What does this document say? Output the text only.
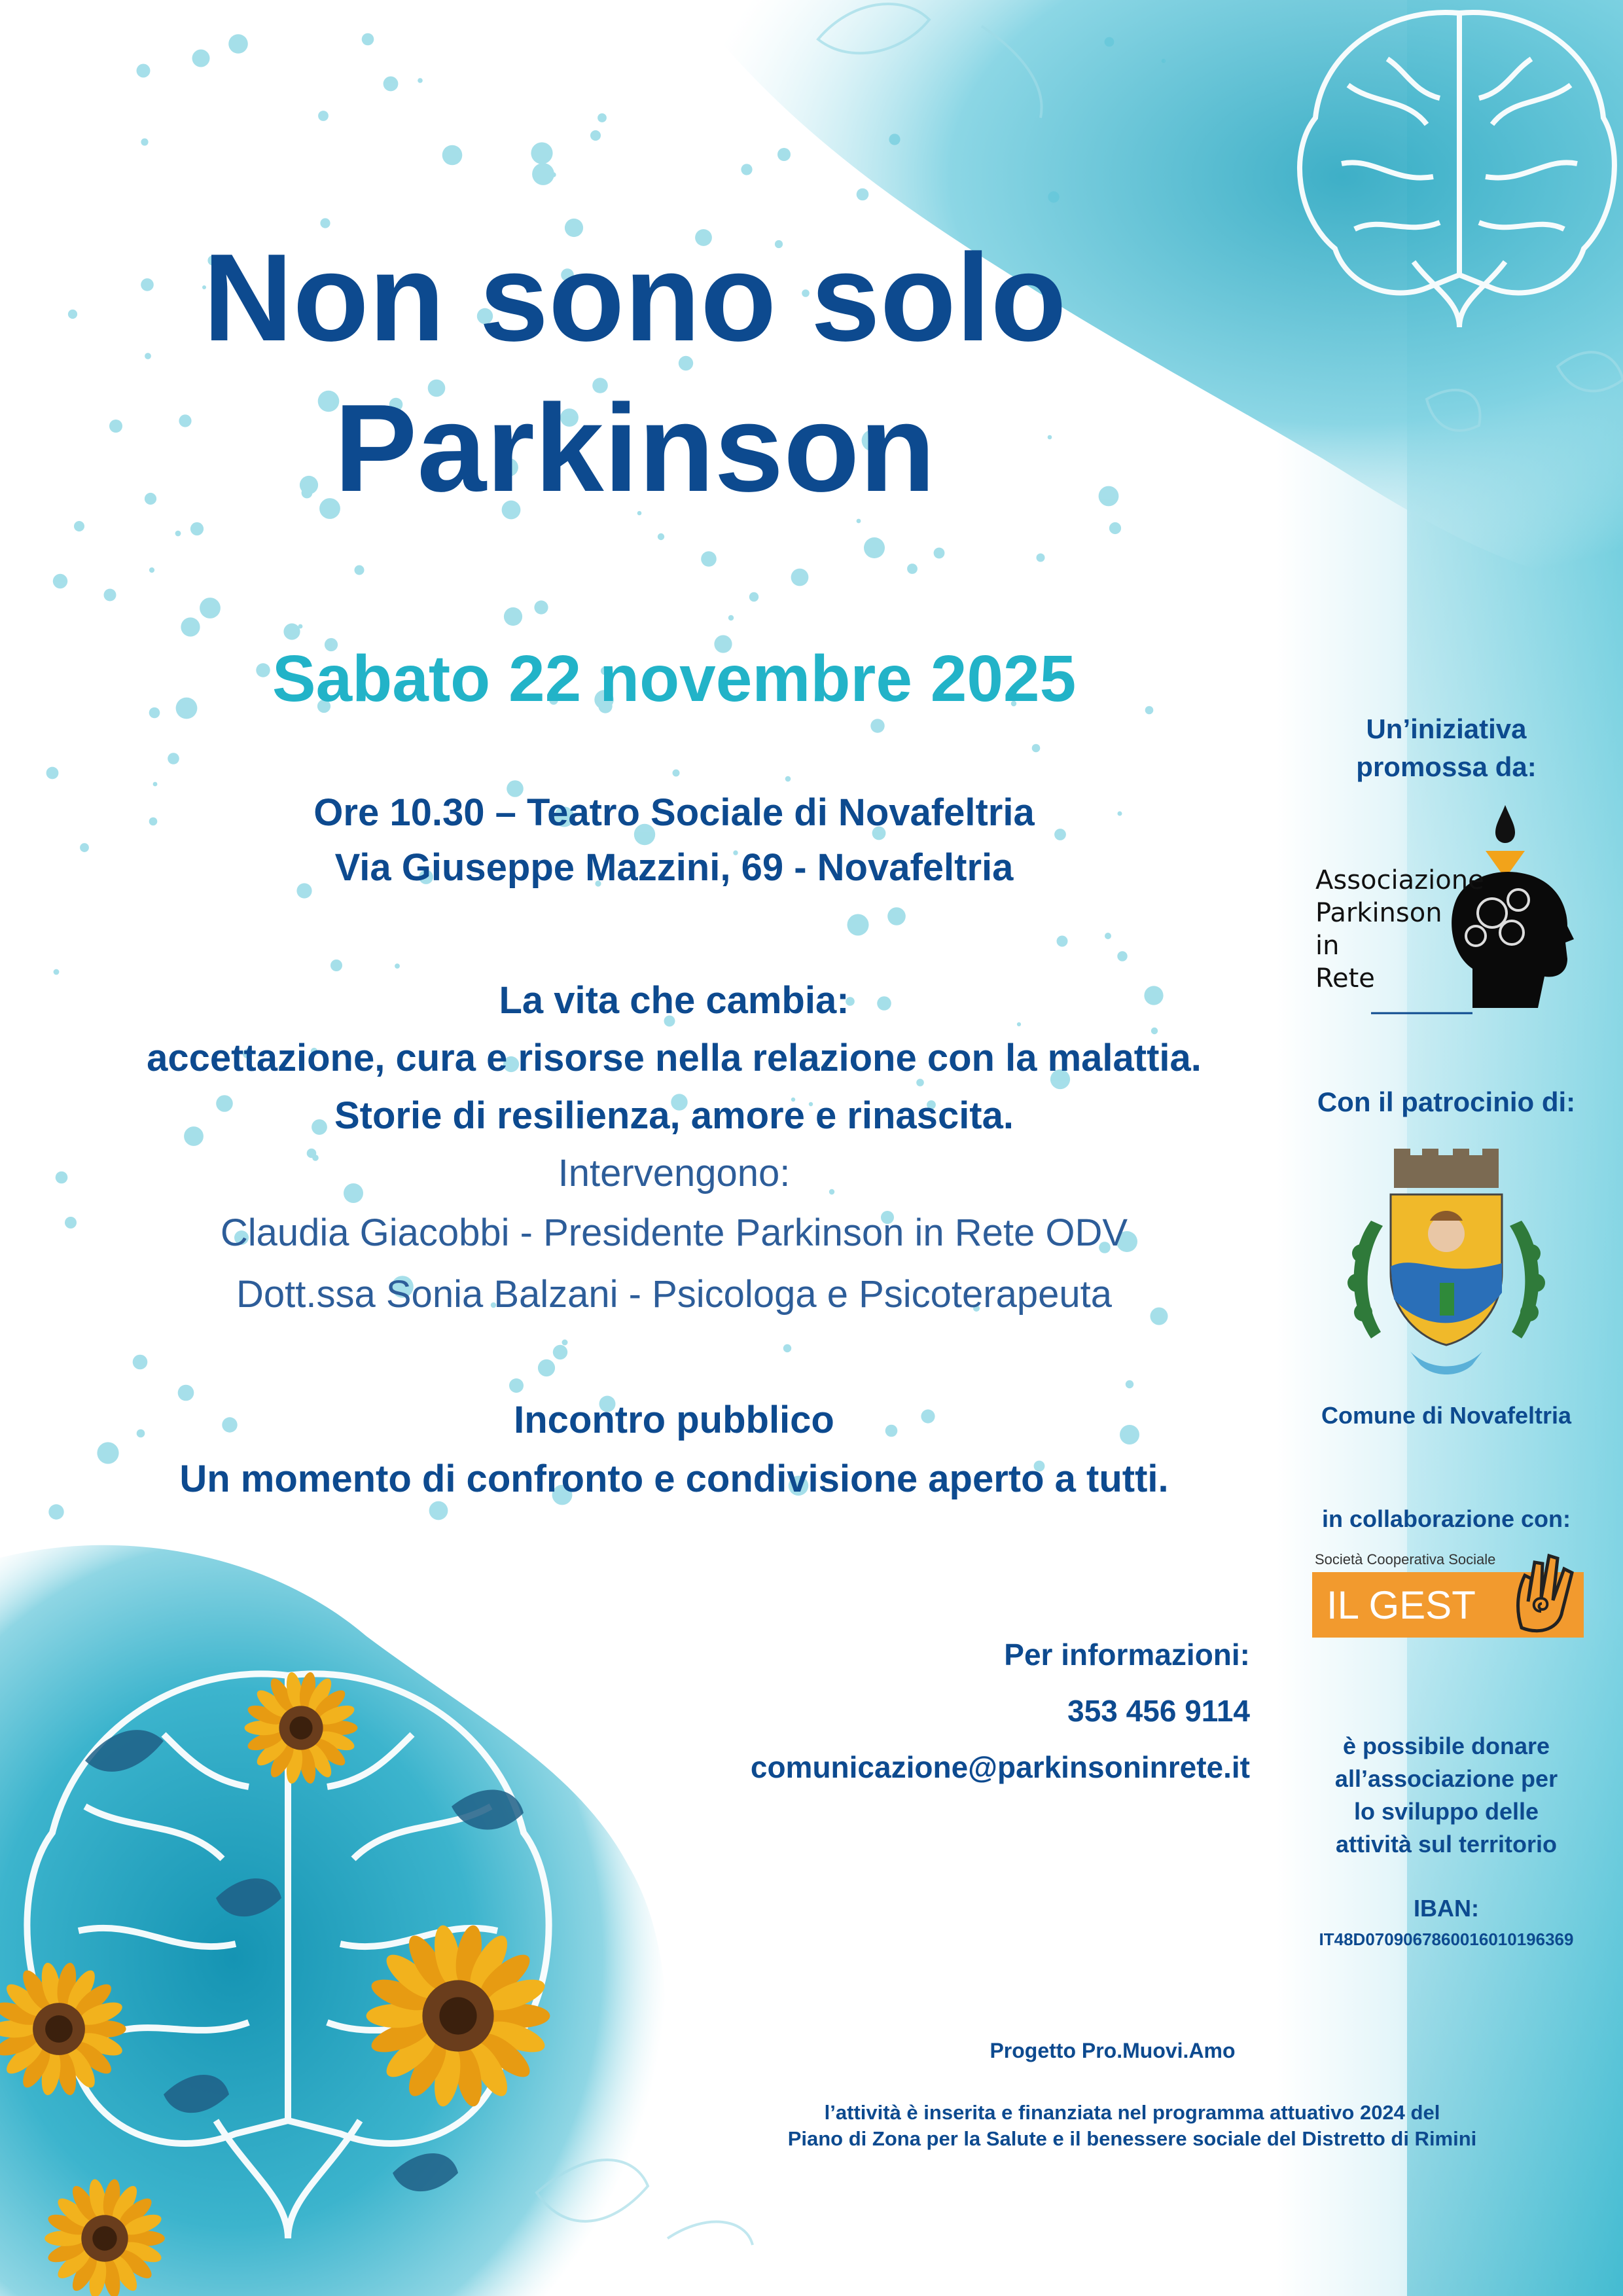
Non sono solo
Parkinson
Sabato 22 novembre 2025
Ore 10.30 – Teatro Sociale di Novafeltria
Via Giuseppe Mazzini, 69 - Novafeltria
La vita che cambia:
accettazione, cura e risorse nella relazione con la malattia.
Storie di resilienza, amore e rinascita.
Intervengono:
Claudia Giacobbi - Presidente Parkinson in Rete ODV
Dott.ssa Sonia Balzani - Psicologa e Psicoterapeuta
Incontro pubblico
Un momento di confronto e condivisione aperto a tutti.
Per informazioni:
353 456 9114
comunicazione@parkinsoninrete.it
Un’iniziativa
promossa da:
Associazione
Parkinson
in
Rete
Con il patrocinio di:
Comune di Novafeltria
in collaborazione con:
Società Cooperativa Sociale
IL GEST
è possibile donare
all’associazione per
lo sviluppo delle
attività sul territorio
IBAN:
IT48D0709067860016010196369
Progetto Pro.Muovi.Amo
l’attività è inserita e finanziata nel programma attuativo 2024 del
Piano di Zona per la Salute e il benessere sociale del Distretto di Rimini
